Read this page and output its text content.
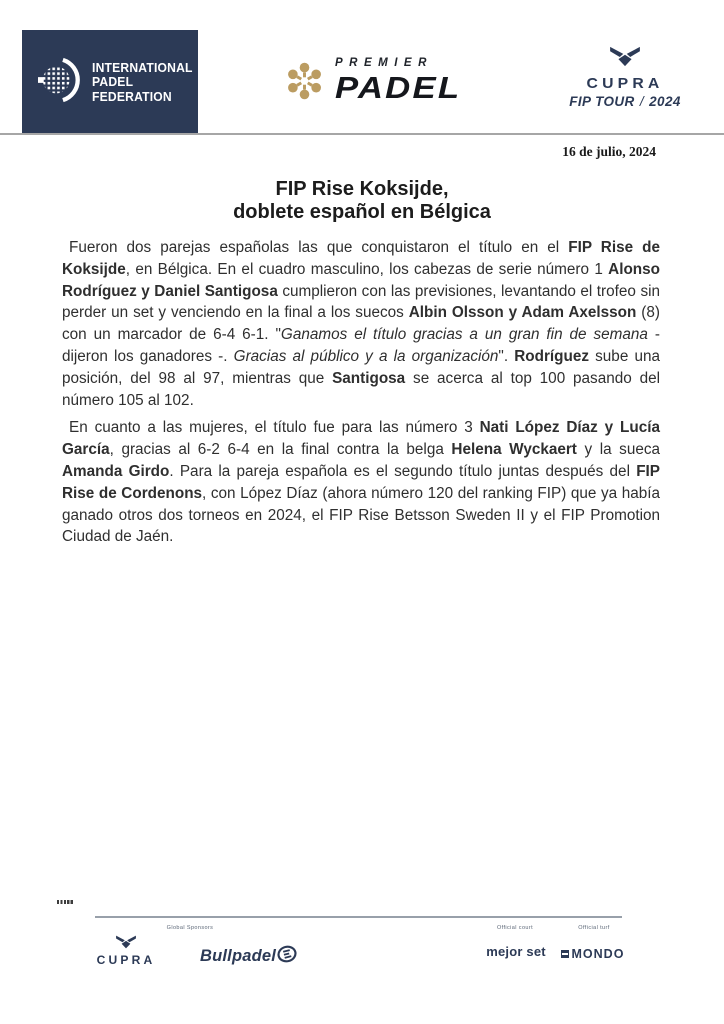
INTERNATIONAL
PADEL
FEDERATION
PREMIER
PADEL	CUPRA
FIP TOUR / 2024
16 de julio, 2024
FIP Rise Koksijde,
doblete español en Bélgica

Fueron dos parejas españolas las que conquistaron el título en el FIP Rise de Koksijde, en Bélgica. En el cuadro masculino, los cabezas de serie número 1 Alonso Rodríguez y Daniel Santigosa cumplieron con las previsiones, levantando el trofeo sin perder un set y venciendo en la final a los suecos Albin Olsson y Adam Axelsson (8) con un marcador de 6-4 6-1. "Ganamos el título gracias a un gran fin de semana - dijeron los ganadores -. Gracias al público y a la organización". Rodríguez sube una posición, del 98 al 97, mientras que Santigosa se acerca al top 100 pasando del número 105 al 102.

En cuanto a las mujeres, el título fue para las número 3 Nati López Díaz y Lucía García, gracias al 6-2 6-4 en la final contra la belga Helena Wyckaert y la sueca Amanda Girdo. Para la pareja española es el segundo título juntas después del FIP Rise de Cordenons, con López Díaz (ahora número 120 del ranking FIP) que ya había ganado otros dos torneos en 2024, el FIP Rise Betsson Sweden II y el FIP Promotion Ciudad de Jaén.

Global Sponsors	Official court	Official turf
CUPRA	Bullpadel	mejor set	MONDO
